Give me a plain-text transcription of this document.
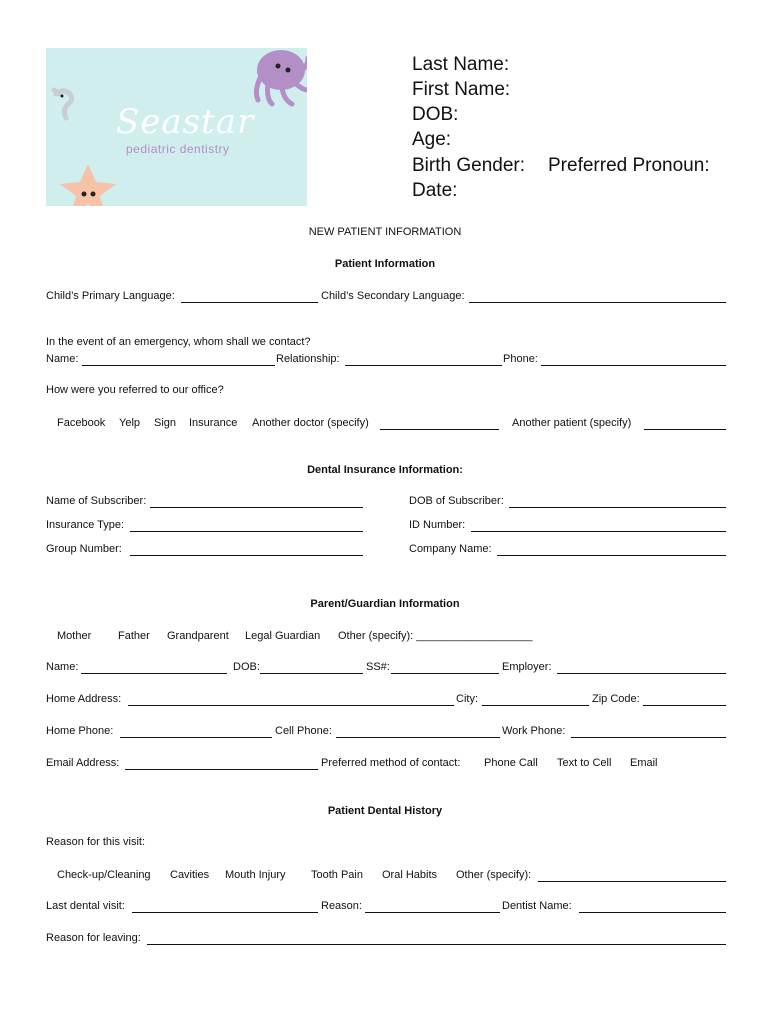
Seastar
pediatric dentistry
Last Name:
First Name:
DOB:
Age:
Birth Gender: Preferred Pronoun:
Date:
NEW PATIENT INFORMATION
Patient Information
Child’s Primary Language:	Child’s Secondary Language:
In the event of an emergency, whom shall we contact?
Name:	Relationship:	Phone:
How were you referred to our office?
Facebook Yelp Sign Insurance Another doctor (specify)	Another patient (specify)
Dental Insurance Information:
Name of Subscriber:	DOB of Subscriber:
Insurance Type:	ID Number:
Group Number:	Company Name:
Parent/Guardian Information
Mother Father Grandparent Legal Guardian Other (specify): ___________________
Name:	DOB:	SS#:	Employer:
Home Address:	City:	Zip Code:
Home Phone:	Cell Phone:	Work Phone:
Email Address:	Preferred method of contact: Phone Call Text to Cell Email
Patient Dental History
Reason for this visit:
Check-up/Cleaning Cavities Mouth Injury Tooth Pain Oral Habits Other (specify):
Last dental visit:	Reason:	Dentist Name:
Reason for leaving:
